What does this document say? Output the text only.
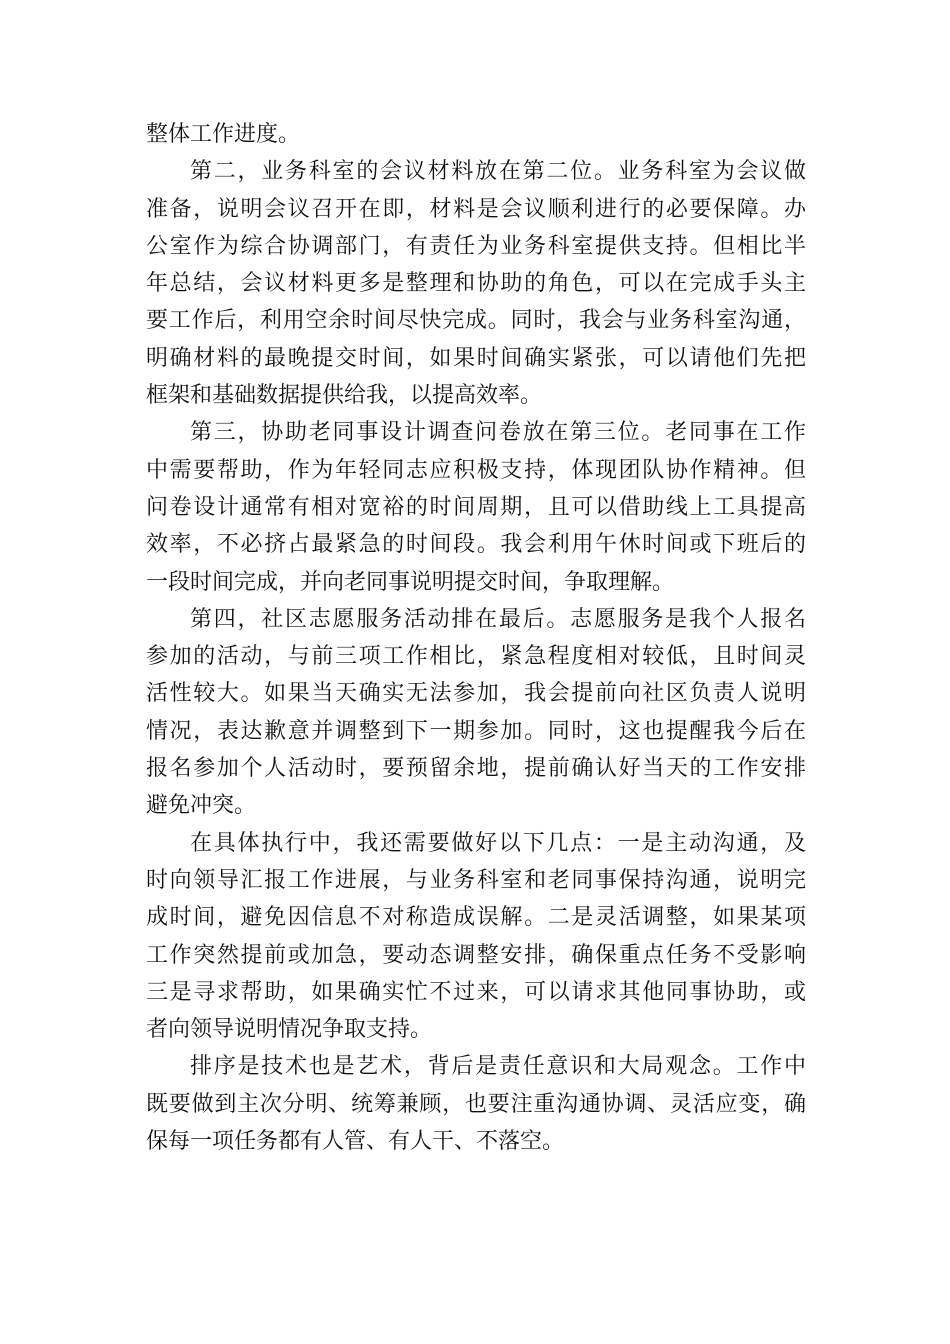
整体工作进度。
第二，业务科室的会议材料放在第二位。业务科室为会议做
准备，说明会议召开在即，材料是会议顺利进行的必要保障。办
公室作为综合协调部门，有责任为业务科室提供支持。但相比半
年总结，会议材料更多是整理和协助的角色，可以在完成手头主
要工作后，利用空余时间尽快完成。同时，我会与业务科室沟通，
明确材料的最晚提交时间，如果时间确实紧张，可以请他们先把
框架和基础数据提供给我，以提高效率。
第三，协助老同事设计调查问卷放在第三位。老同事在工作
中需要帮助，作为年轻同志应积极支持，体现团队协作精神。但
问卷设计通常有相对宽裕的时间周期，且可以借助线上工具提高
效率，不必挤占最紧急的时间段。我会利用午休时间或下班后的
一段时间完成，并向老同事说明提交时间，争取理解。
第四，社区志愿服务活动排在最后。志愿服务是我个人报名
参加的活动，与前三项工作相比，紧急程度相对较低，且时间灵
活性较大。如果当天确实无法参加，我会提前向社区负责人说明
情况，表达歉意并调整到下一期参加。同时，这也提醒我今后在
报名参加个人活动时，要预留余地，提前确认好当天的工作安排
避免冲突。
在具体执行中，我还需要做好以下几点：一是主动沟通，及
时向领导汇报工作进展，与业务科室和老同事保持沟通，说明完
成时间，避免因信息不对称造成误解。二是灵活调整，如果某项
工作突然提前或加急，要动态调整安排，确保重点任务不受影响
三是寻求帮助，如果确实忙不过来，可以请求其他同事协助，或
者向领导说明情况争取支持。
排序是技术也是艺术，背后是责任意识和大局观念。工作中
既要做到主次分明、统筹兼顾，也要注重沟通协调、灵活应变，确
保每一项任务都有人管、有人干、不落空。
